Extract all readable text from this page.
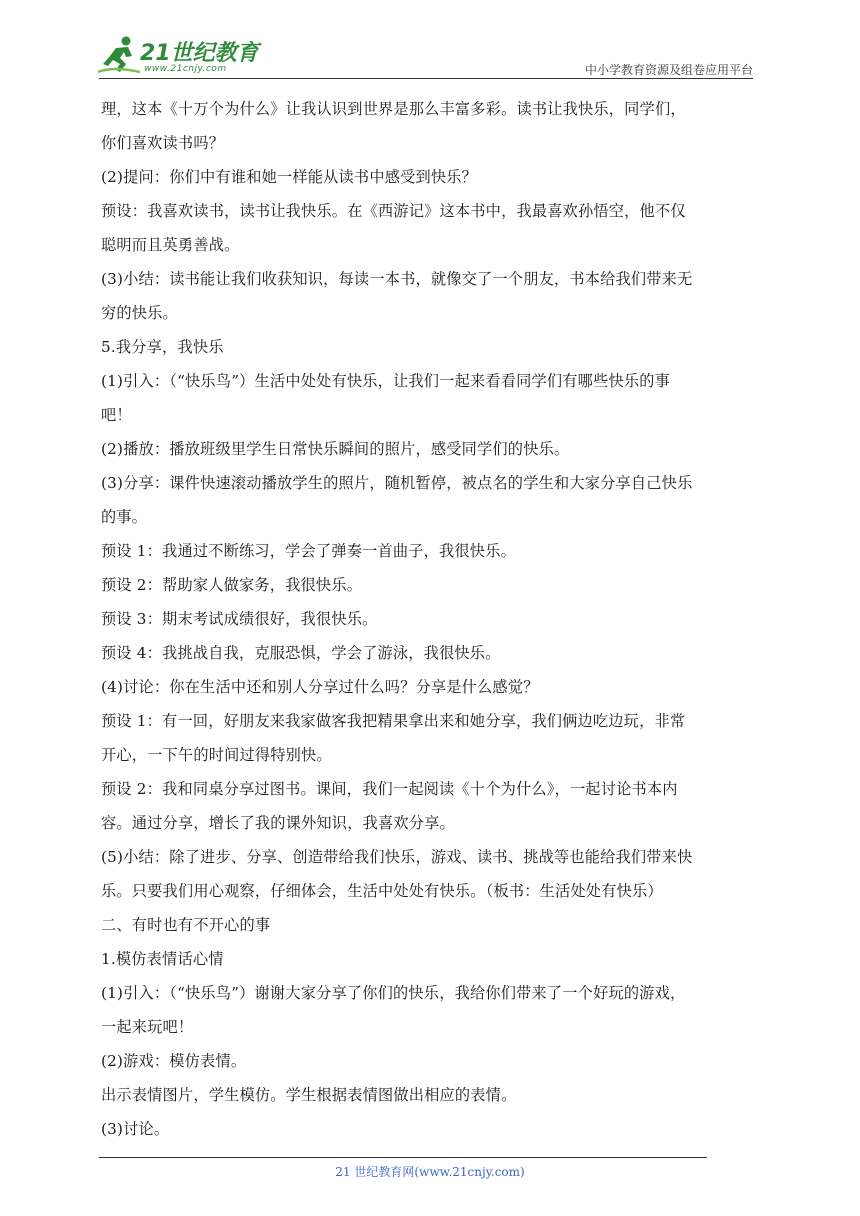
21世纪教育
www.21cnjy.com	中小学教育资源及组卷应用平台

理，这本《十万个为什么》让我认识到世界是那么丰富多彩。读书让我快乐，同学们，

你们喜欢读书吗？

(2)提问：你们中有谁和她一样能从读书中感受到快乐？

预设：我喜欢读书，读书让我快乐。在《西游记》这本书中，我最喜欢孙悟空，他不仅

聪明而且英勇善战。

(3)小结：读书能让我们收获知识，每读一本书，就像交了一个朋友，书本给我们带来无

穷的快乐。

5.我分享，我快乐

(1)引入：（“快乐鸟”）生活中处处有快乐，让我们一起来看看同学们有哪些快乐的事

吧！

(2)播放：播放班级里学生日常快乐瞬间的照片，感受同学们的快乐。

(3)分享：课件快速滚动播放学生的照片，随机暂停，被点名的学生和大家分享自己快乐

的事。

预设 1：我通过不断练习，学会了弹奏一首曲子，我很快乐。

预设 2：帮助家人做家务，我很快乐。

预设 3：期末考试成绩很好，我很快乐。

预设 4：我挑战自我，克服恐惧，学会了游泳，我很快乐。

(4)讨论：你在生活中还和别人分享过什么吗？分享是什么感觉？

预设 1：有一回，好朋友来我家做客我把精果拿出来和她分享，我们俩边吃边玩，非常

开心，一下午的时间过得特别快。

预设 2：我和同桌分享过图书。课间，我们一起阅读《十个为什么》，一起讨论书本内

容。通过分享，增长了我的课外知识，我喜欢分享。

(5)小结：除了进步、分享、创造带给我们快乐，游戏、读书、挑战等也能给我们带来快

乐。只要我们用心观察，仔细体会，生活中处处有快乐。（板书：生活处处有快乐）

二、有时也有不开心的事

1.模仿表情话心情

(1)引入：（“快乐鸟”）谢谢大家分享了你们的快乐，我给你们带来了一个好玩的游戏，

一起来玩吧！

(2)游戏：模仿表情。

出示表情图片，学生模仿。学生根据表情图做出相应的表情。

(3)讨论。

21 世纪教育网(www.21cnjy.com)
